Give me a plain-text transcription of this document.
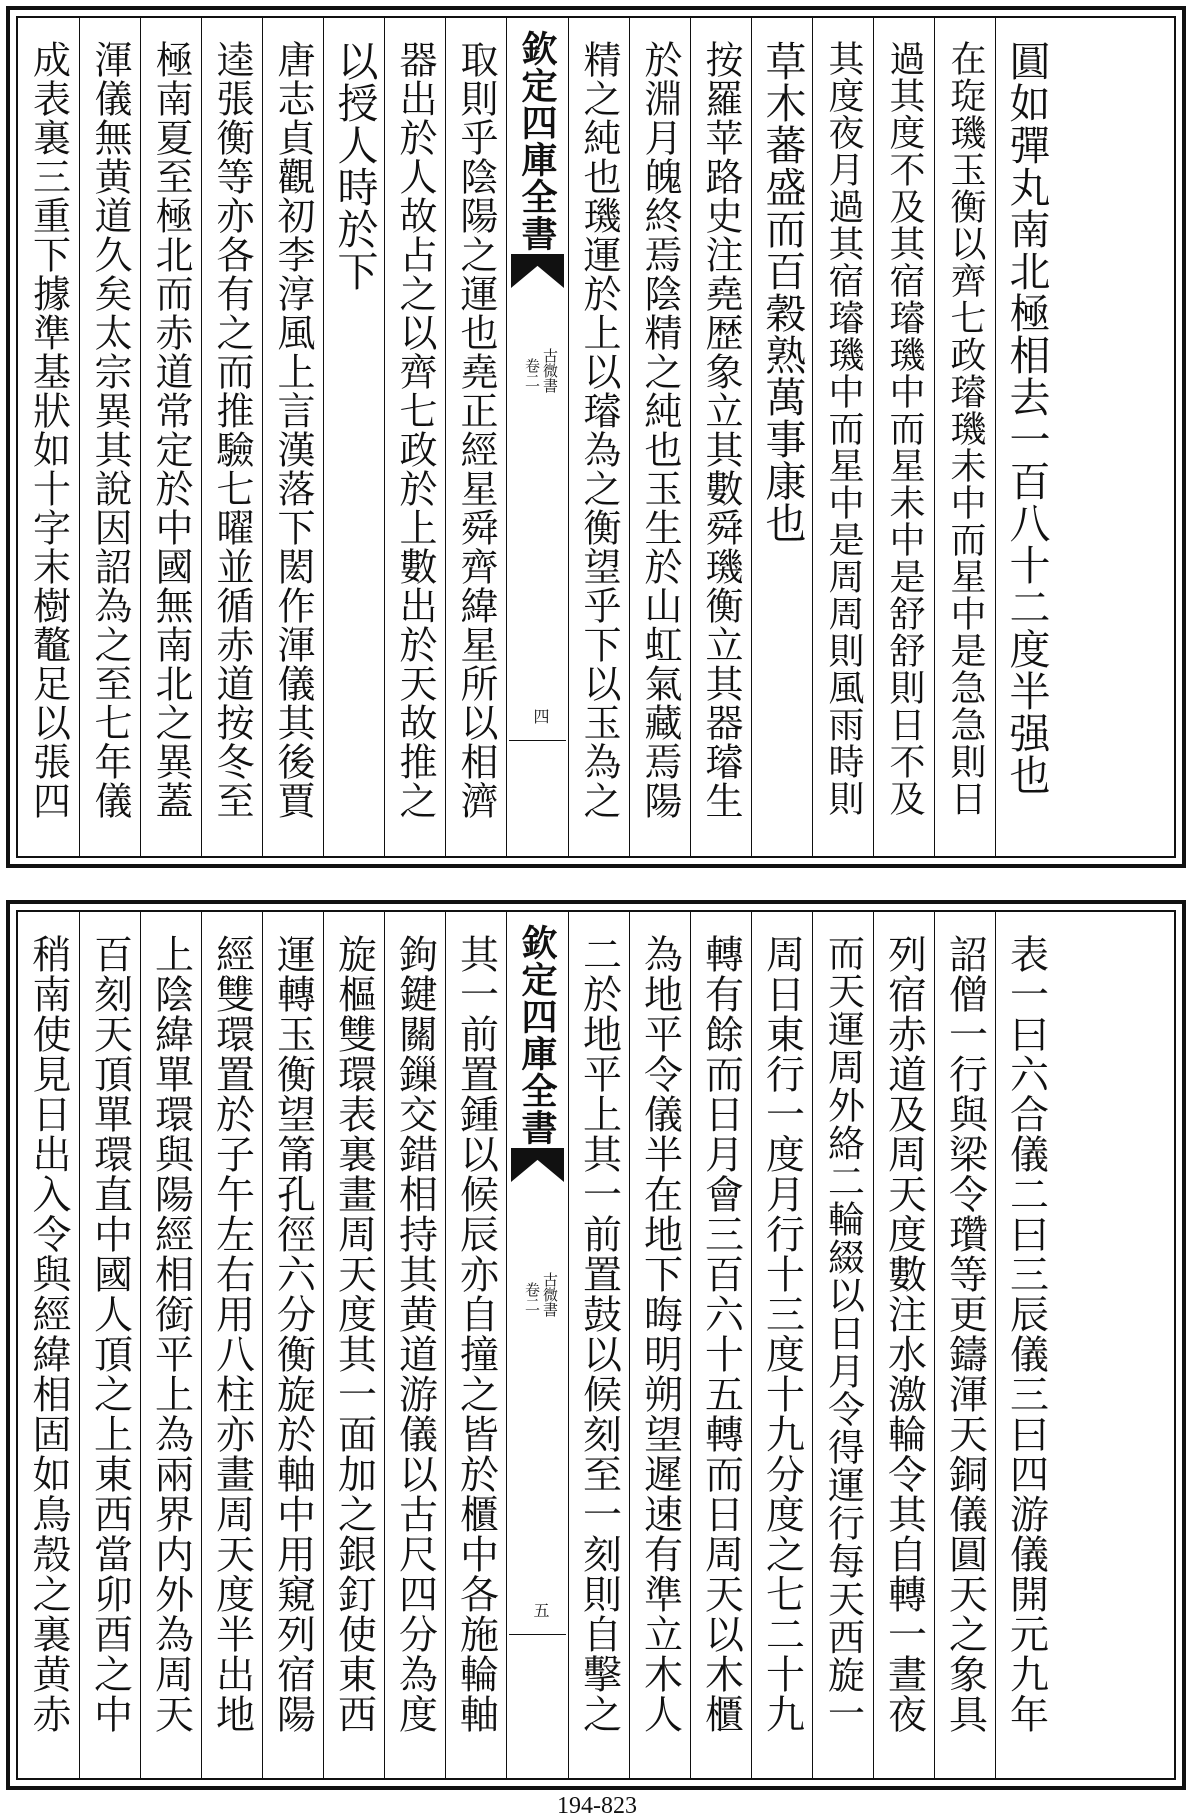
成表裏三重下據準基狀如十字末樹鼇足以張四 渾儀無黄道久矣太宗異其說因詔為之至七年儀 極南夏至極北而赤道常定於中國無南北之異蓋 逵張衡等亦各有之而推驗七曜並循赤道按冬至 唐志貞觀初李淳風上言漢落下閎作渾儀其後賈 以授人時於下 器出於人故占之以齊七政於上數出於天故推之 取則乎陰陽之運也堯正經星舜齊緯星所以相濟 欽定四庫全書
古微書
卷二
四 精之純也璣運於上以璿為之衡望乎下以玉為之 於淵月魄終焉陰精之純也玉生於山虹氣藏焉陽 按羅苹路史注堯歴象立其數舜璣衡立其器璿生 草木蕃盛而百穀熟萬事康也 其度夜月過其宿璿璣中而星中是周周則風雨時則 過其度不及其宿璿璣中而星未中是舒舒則日不及 在琁璣玉衡以齊七政璿璣未中而星中是急急則日 圓如彈丸南北極相去一百八十二度半强也
稍南使見日出入令與經緯相固如鳥殼之裏黄赤 百刻天頂單環直中國人頂之上東西當卯酉之中 上陰緯單環與陽經相銜平上為兩界内外為周天 經雙環置於子午左右用八柱亦畫周天度半出地 運轉玉衡望筩孔徑六分衡旋於軸中用窺列宿陽 旋樞雙環表裏畫周天度其一面加之銀釘使東西 鉤鍵關鏁交錯相持其黄道游儀以古尺四分為度 其一前置鍾以候辰亦自撞之皆於櫃中各施輪軸 欽定四庫全書
古微書
卷二
五 二於地平上其一前置鼓以候刻至一刻則自擊之 為地平令儀半在地下晦明朔望遲速有準立木人 轉有餘而日月會三百六十五轉而日周天以木櫃 周日東行一度月行十三度十九分度之七二十九 而天運周外絡二輪綴以日月令得運行每天西旋一 列宿赤道及周天度數注水激輪令其自轉一晝夜 詔僧一行與梁令瓚等更鑄渾天銅儀圓天之象具 表一曰六合儀二曰三辰儀三曰四游儀開元九年
194-823
